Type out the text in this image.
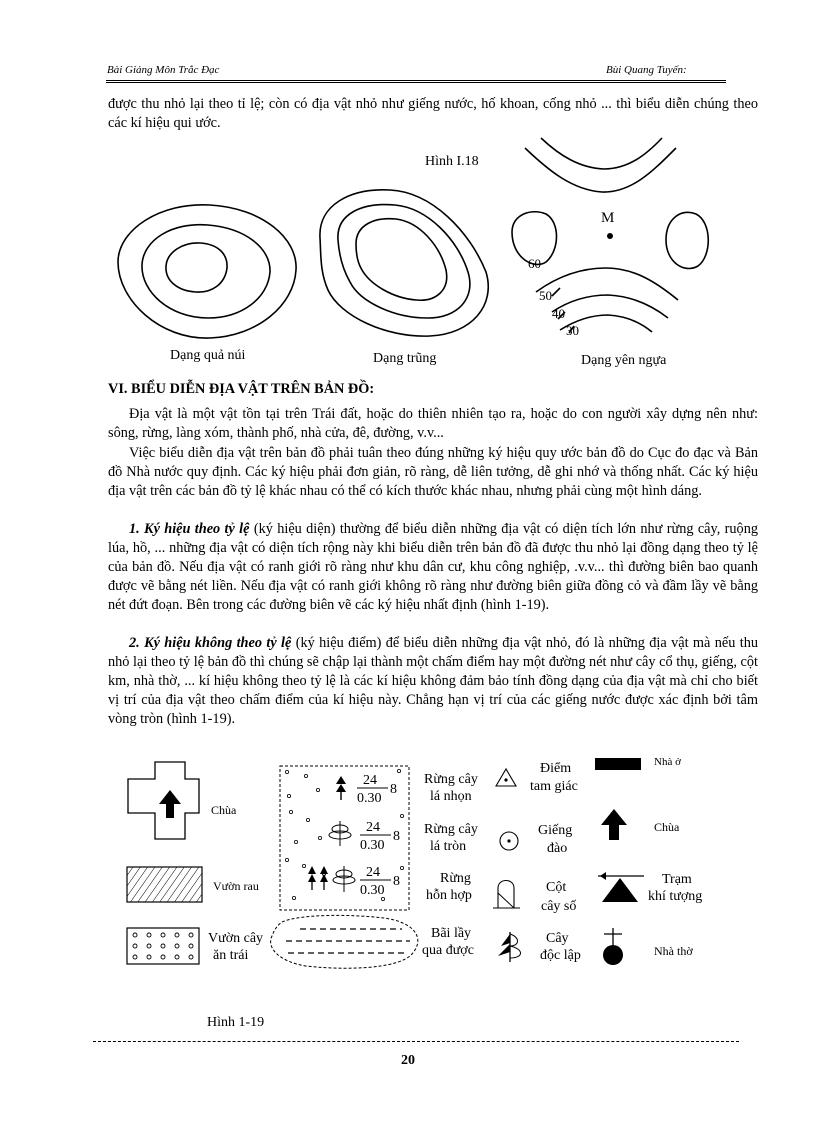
Bài Giảng Môn Trắc Đạc	Bùi Quang Tuyến:

được thu nhỏ lại theo tỉ lệ; còn có địa vật nhỏ như giếng nước, hố khoan, cống nhỏ ... thì biểu diễn chúng theo các kí hiệu qui ước.

Hình I.18
M
60
50
40
30
Dạng quả núi	Dạng trũng	Dạng yên ngựa
VI. BIỂU DIỄN ĐỊA VẬT TRÊN BẢN ĐỒ:

Địa vật là một vật tồn tại trên Trái đất, hoặc do thiên nhiên tạo ra, hoặc do con người xây dựng nên như: sông, rừng, làng xóm, thành phố, nhà cửa, đê, đường, v.v...

Việc biểu diễn địa vật trên bản đồ phải tuân theo đúng những ký hiệu quy ước bản đồ do Cục đo đạc và Bản đồ Nhà nước quy định. Các ký hiệu phải đơn giản, rõ ràng, dễ liên tưởng, dễ ghi nhớ và thống nhất. Các ký hiệu địa vật trên các bản đồ tỷ lệ khác nhau có thể có kích thước khác nhau, nhưng phải cùng một hình dáng.

1. Ký hiệu theo tỷ lệ (ký hiệu diện) thường để biểu diễn những địa vật có diện tích lớn như rừng cây, ruộng lúa, hồ, ... những địa vật có diện tích rộng này khi biểu diễn trên bản đồ đã được thu nhỏ lại đồng dạng theo tỷ lệ của bản đồ. Nếu địa vật có ranh giới rõ ràng như khu dân cư, khu công nghiệp, .v.v... thì đường biên bao quanh được vẽ bằng nét liền. Nếu địa vật có ranh giới không rõ ràng như đường biên giữa đồng cỏ và đầm lầy vẽ bằng nét đứt đoạn. Bên trong các đường biên vẽ các ký hiệu nhất định (hình 1-19).

2. Ký hiệu không theo tỷ lệ (ký hiệu điểm) để biểu diễn những địa vật nhỏ, đó là những địa vật mà nếu thu nhỏ lại theo tỷ lệ bản đồ thì chúng sẽ chập lại thành một chấm điểm hay một đường nét như cây cổ thụ, giếng, cột km, nhà thờ, ... kí hiệu không theo tỷ lệ là các kí hiệu không đảm bảo tính đồng dạng của địa vật mà chỉ cho biết vị trí của địa vật theo chấm điểm của kí hiệu này. Chẳng hạn vị trí của các giếng nước được xác định bởi tâm vòng tròn (hình 1-19).

Chùa
Vườn rau
Vườn cây
ăn trái
24
0.30
8
24
0.30
8
24
0.30
8
Rừng cây
lá nhọn
Rừng cây
lá tròn
Rừng
hỗn hợp
Bãi lầy
qua được
Điểm
tam giác
Giếng
đào
Cột
cây số
Cây
độc lập
Nhà ở
Chùa
Trạm
khí tượng
Nhà thờ
Hình 1-19
20
